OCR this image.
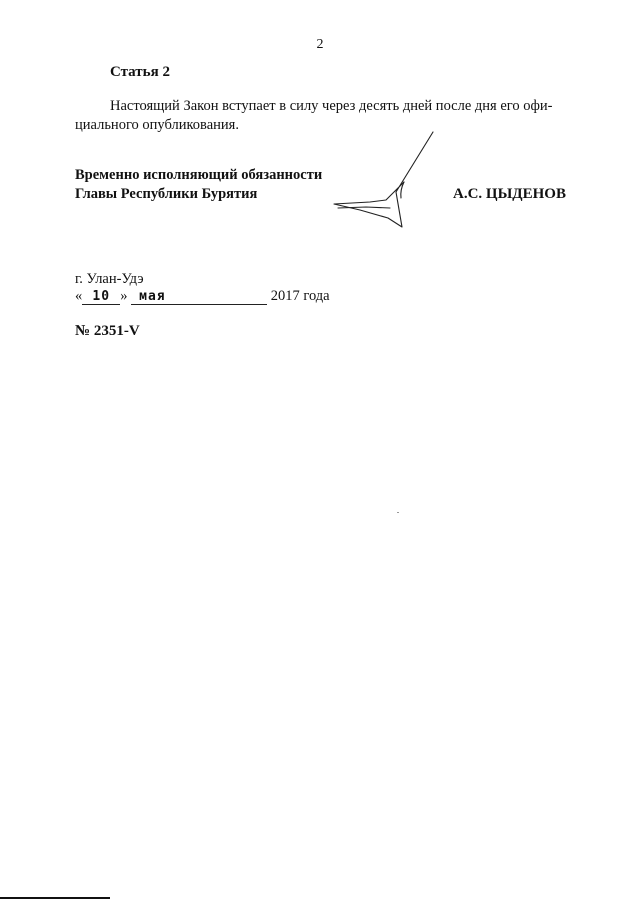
2
Статья 2
Настоящий Закон вступает в силу через десять дней после дня его офи-
циального опубликования.
Временно исполняющий обязанности
Главы Республики Бурятия	А.С. ЦЫДЕНОВ
г. Улан-Удэ
« 10 » мая	2017 года
№ 2351-V
